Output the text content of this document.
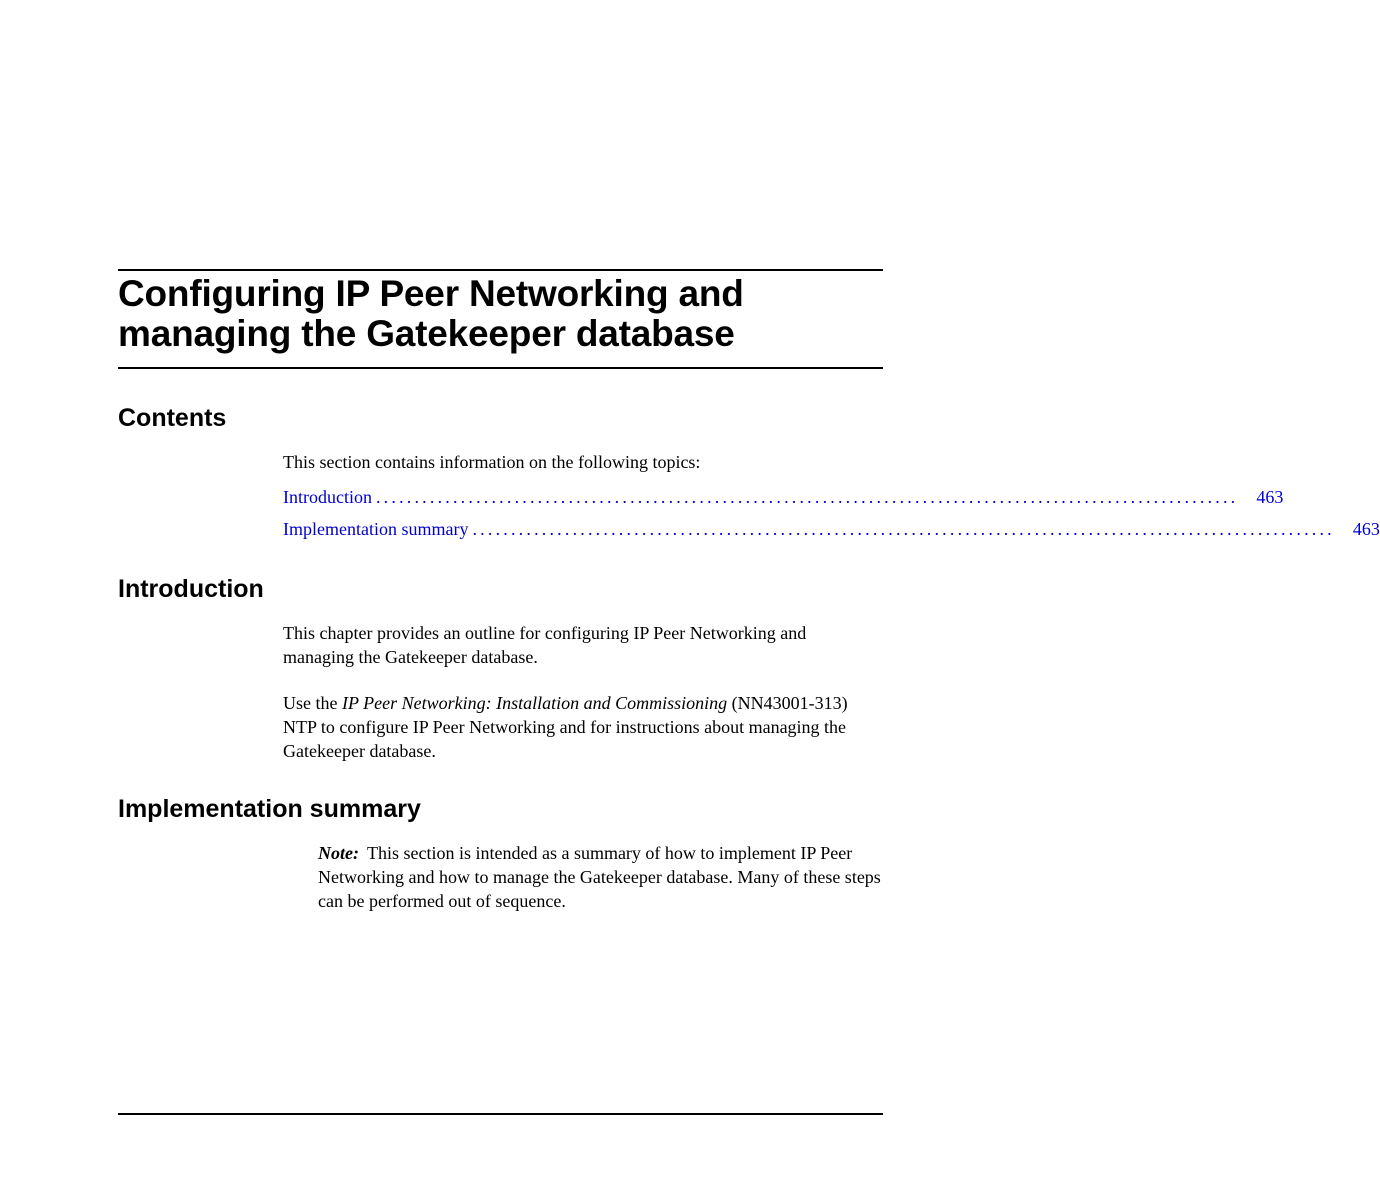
Configuring IP Peer Networking and
managing the Gatekeeper database
Contents

This section contains information on the following topics:

Introduction ................................................................................................................ 463
Implementation summary ................................................................................................................ 463
Introduction

This chapter provides an outline for configuring IP Peer Networking and managing the Gatekeeper database.

Use the IP Peer Networking: Installation and Commissioning (NN43001-313) NTP to configure IP Peer Networking and for instructions about managing the Gatekeeper database.

Implementation summary

Note: This section is intended as a summary of how to implement IP Peer Networking and how to manage the Gatekeeper database. Many of these steps can be performed out of sequence.
